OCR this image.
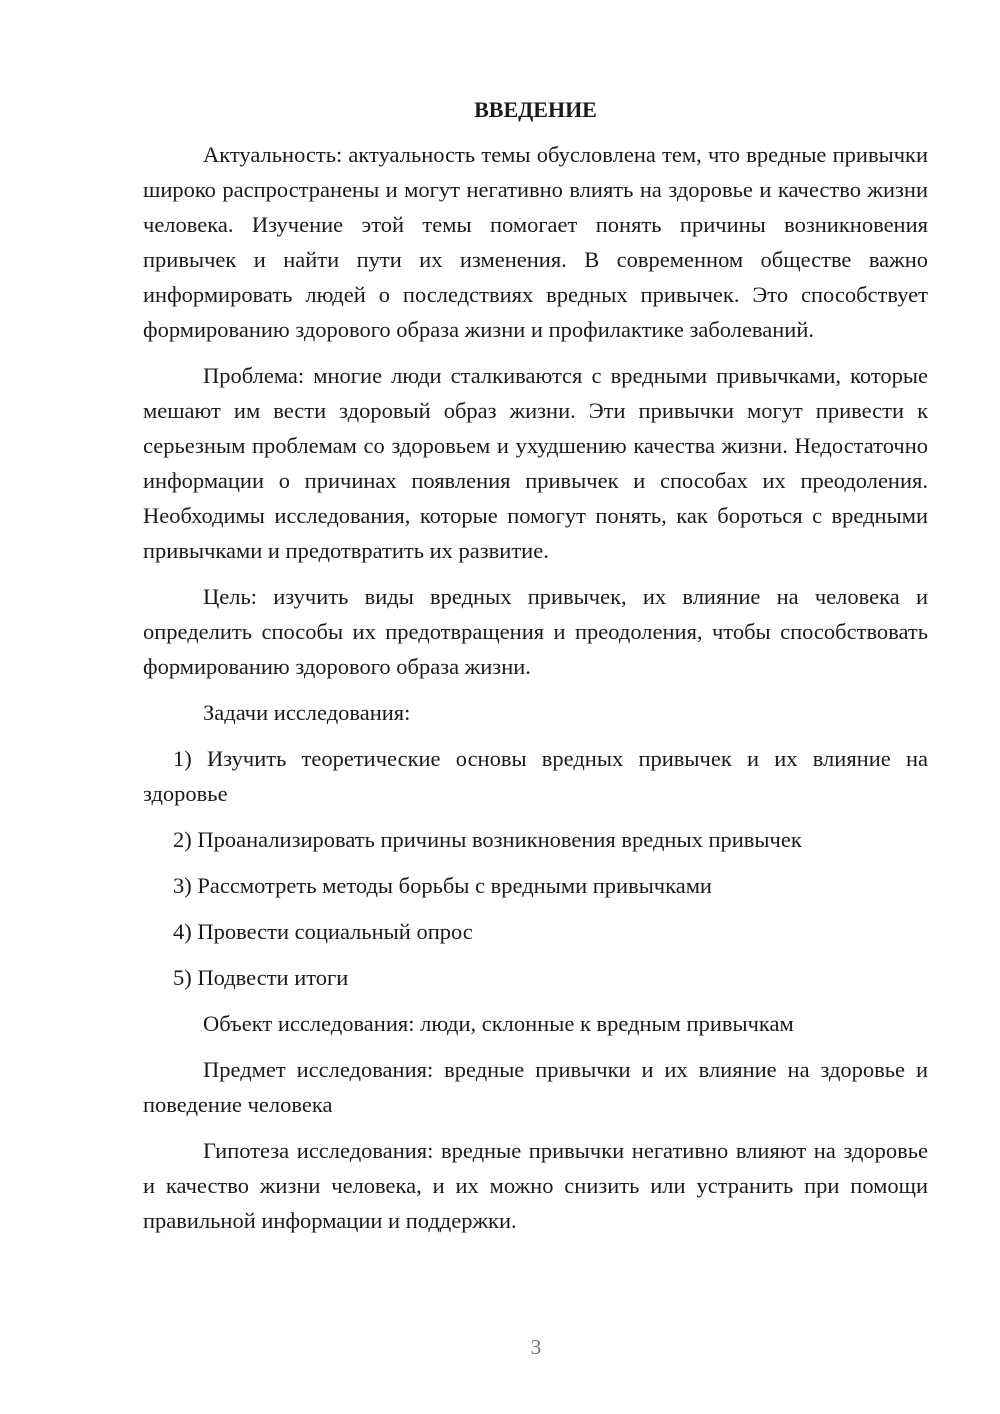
ВВЕДЕНИЕ

Актуальность: актуальность темы обусловлена тем, что вредные привычки широко распространены и могут негативно влиять на здоровье и качество жизни человека. Изучение этой темы помогает понять причины возникновения привычек и найти пути их изменения. В современном обществе важно информировать людей о последствиях вредных привычек. Это способствует формированию здорового образа жизни и профилактике заболеваний.

Проблема: многие люди сталкиваются с вредными привычками, которые мешают им вести здоровый образ жизни. Эти привычки могут привести к серьезным проблемам со здоровьем и ухудшению качества жизни. Недостаточно информации о причинах появления привычек и способах их преодоления. Необходимы исследования, которые помогут понять, как бороться с вредными привычками и предотвратить их развитие.

Цель: изучить виды вредных привычек, их влияние на человека и определить способы их предотвращения и преодоления, чтобы способствовать формированию здорового образа жизни.

Задачи исследования:

1) Изучить теоретические основы вредных привычек и их влияние на здоровье

2) Проанализировать причины возникновения вредных привычек

3) Рассмотреть методы борьбы с вредными привычками

4) Провести социальный опрос

5) Подвести итоги

Объект исследования: люди, склонные к вредным привычкам

Предмет исследования: вредные привычки и их влияние на здоровье и поведение человека

Гипотеза исследования: вредные привычки негативно влияют на здоровье и качество жизни человека, и их можно снизить или устранить при помощи правильной информации и поддержки.

3
